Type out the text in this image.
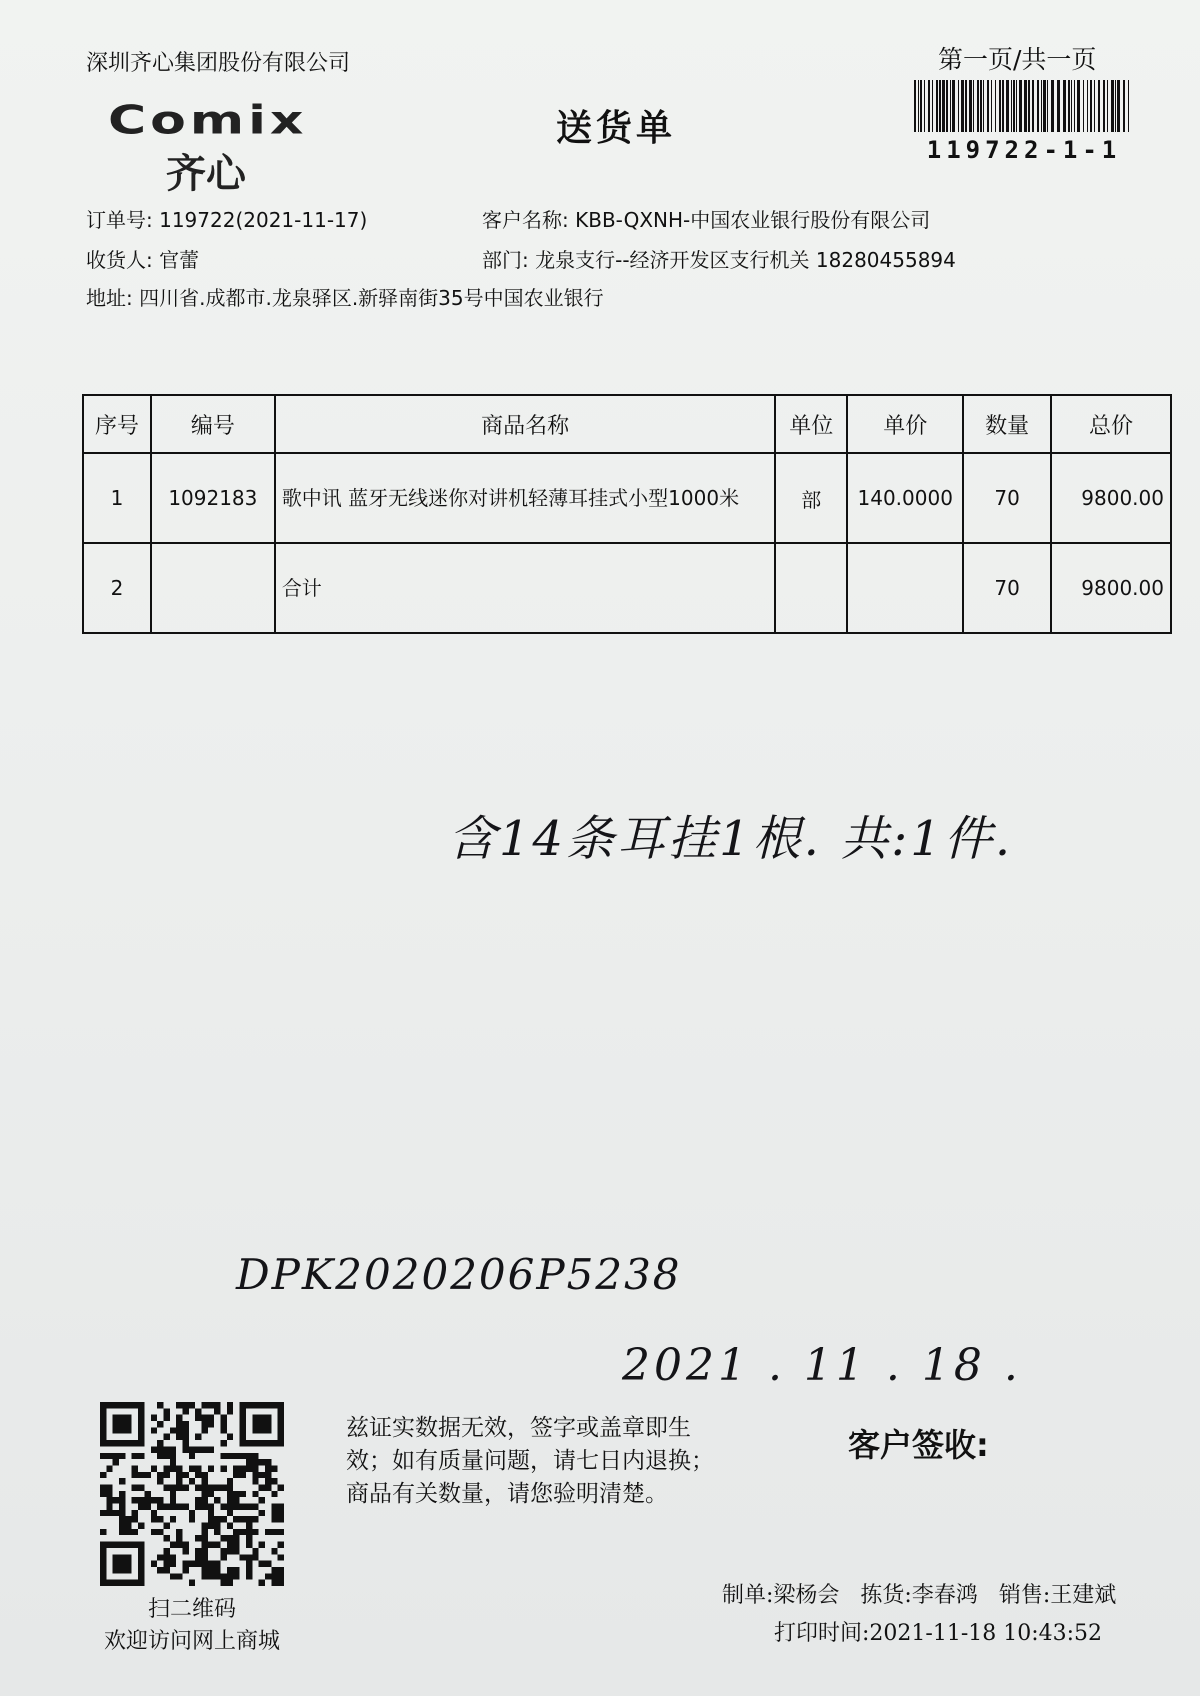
深圳齐心集团股份有限公司
Comix
齐心
送货单
第一页/共一页
119722-1-1
订单号: 119722(2021-11-17)	客户名称: KBB-QXNH-中国农业银行股份有限公司
收货人: 官蕾	部门: 龙泉支行--经济开发区支行机关 18280455894
地址: 四川省.成都市.龙泉驿区.新驿南街35号中国农业银行
序号	编号	商品名称	单位	单价	数量	总价
1	1092183	歌中讯 蓝牙无线迷你对讲机轻薄耳挂式小型1000米	部	140.0000	70	9800.00
2		合计			70	9800.00
含14条耳挂1根. 共:1件.
DPK2020206P5238
2021 . 11 . 18 .
扫二维码
欢迎访问网上商城
兹证实数据无效，签字或盖章即生
效；如有质量问题，请七日内退换；
商品有关数量，请您验明清楚。
客户签收:
制单:梁杨会 拣货:李春鸿 销售:王建斌
打印时间:2021-11-18 10:43:52
